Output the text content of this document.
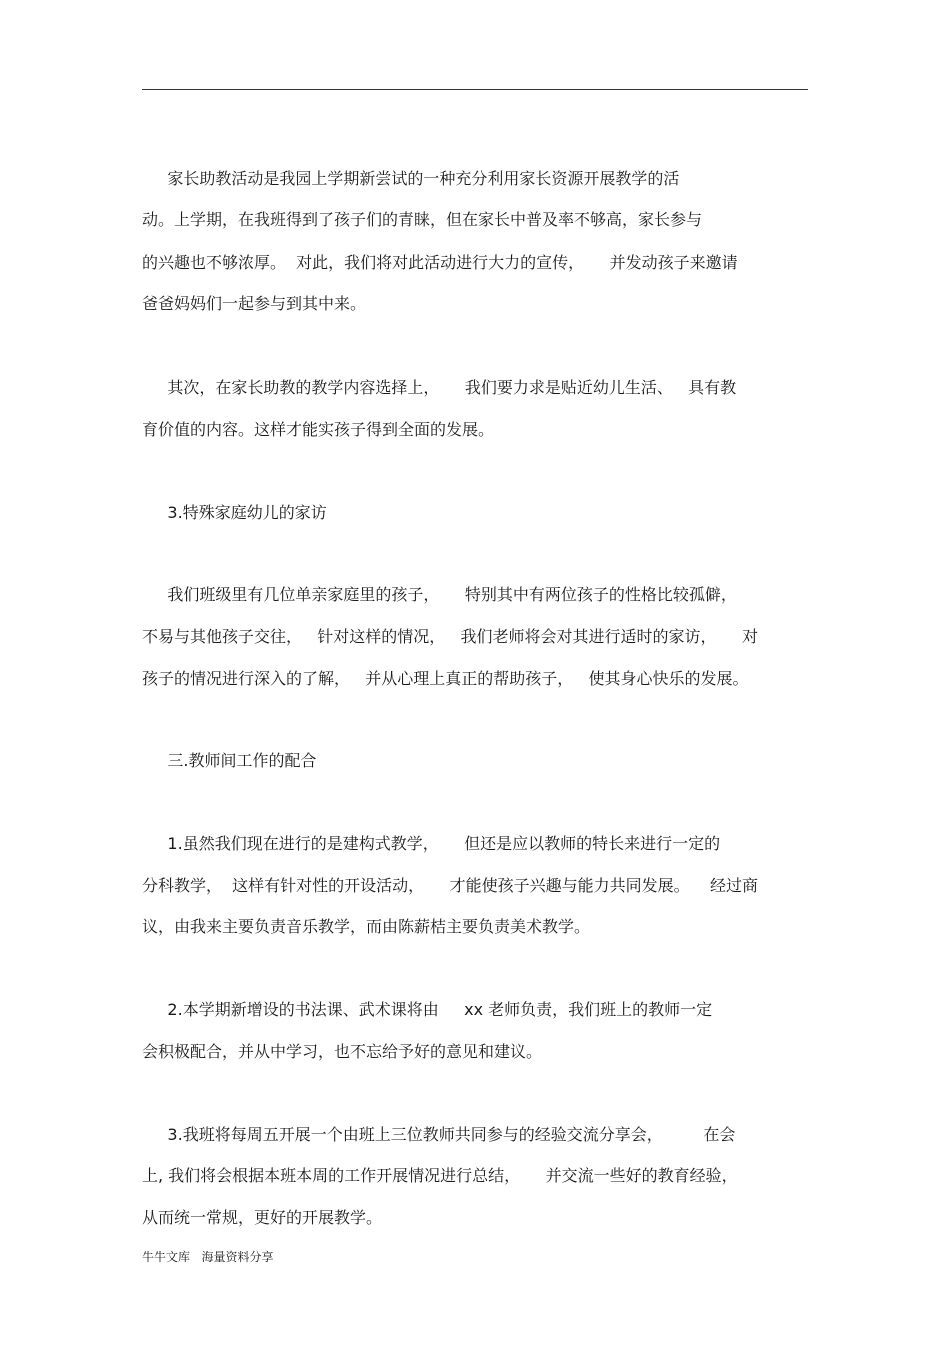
家长助教活动是我园上学期新尝试的一种充分利用家长资源开展教学的活
动。上学期，在我班得到了孩子们的青睐，但在家长中普及率不够高，家长参与
的兴趣也不够浓厚。  对此，我们将对此活动进行大力的宣传，     并发动孩子来邀请
爸爸妈妈们一起参与到其中来。
其次，在家长助教的教学内容选择上，     我们要力求是贴近幼儿生活、   具有教
育价值的内容。这样才能实孩子得到全面的发展。
3.特殊家庭幼儿的家访
我们班级里有几位单亲家庭里的孩子，     特别其中有两位孩子的性格比较孤僻，
不易与其他孩子交往，   针对这样的情况，   我们老师将会对其进行适时的家访，     对
孩子的情况进行深入的了解，   并从心理上真正的帮助孩子，   使其身心快乐的发展。
三.教师间工作的配合
1.虽然我们现在进行的是建构式教学，     但还是应以教师的特长来进行一定的
分科教学，  这样有针对性的开设活动，     才能使孩子兴趣与能力共同发展。    经过商
议，由我来主要负责音乐教学，而由陈薪桔主要负责美术教学。
2.本学期新增设的书法课、武术课将由     xx 老师负责，我们班上的教师一定
会积极配合，并从中学习，也不忘给予好的意见和建议。
3.我班将每周五开展一个由班上三位教师共同参与的经验交流分享会，        在会
上, 我们将会根据本班本周的工作开展情况进行总结，     并交流一些好的教育经验，
从而统一常规，更好的开展教学。
牛牛文库   海量资料分享
